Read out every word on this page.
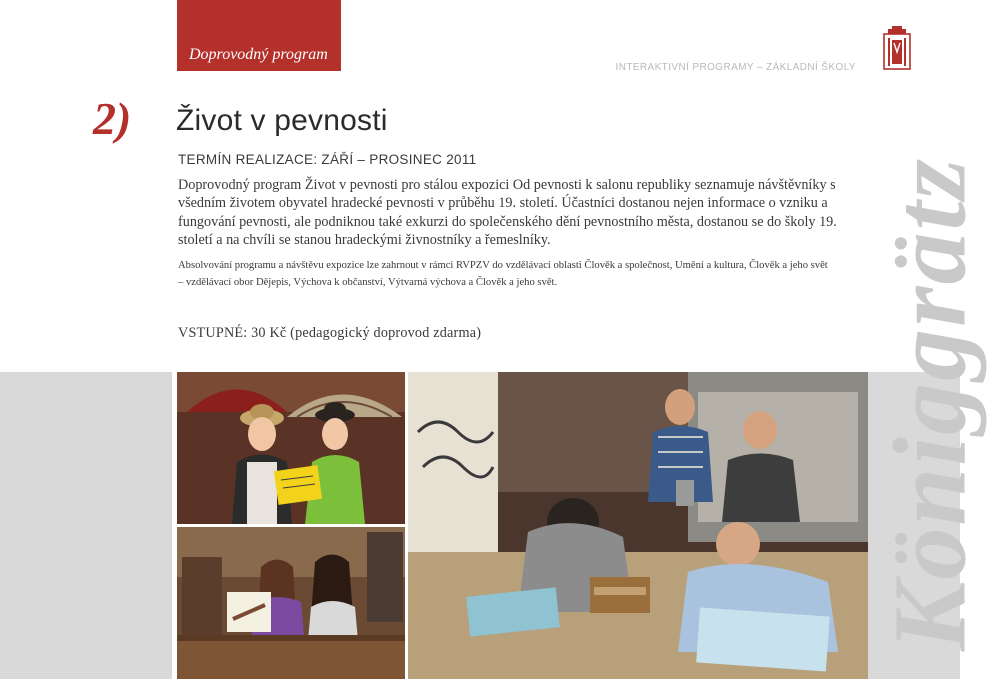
Doprovodný program
INTERAKTIVNÍ PROGRAMY – ZÁKLADNÍ ŠKOLY
2) Život v pevnosti
TERMÍN REALIZACE: ZÁŘÍ – PROSINEC 2011

Doprovodný program Život v pevnosti pro stálou expozici Od pevnosti k salonu republiky seznamuje návštěvníky s všedním životem obyvatel hradecké pevnosti v průběhu 19. století. Účastníci dostanou nejen informace o vzniku a fungování pevnosti, ale podniknou také exkurzi do společenského dění pevnostního města, dostanou se do školy 19. století a na chvíli se stanou hradeckými živnostníky a řemeslníky.

Absolvování programu a návštěvu expozice lze zahrnout v rámci RVPZV do vzdělávací oblasti Člověk a společnost, Umění a kultura, Člověk a jeho svět – vzdělávací obor Dějepis, Výchova k občanství, Výtvarná výchova a Člověk a jeho svět.

VSTUPNÉ: 30 Kč (pedagogický doprovod zdarma)	Königgrätz
